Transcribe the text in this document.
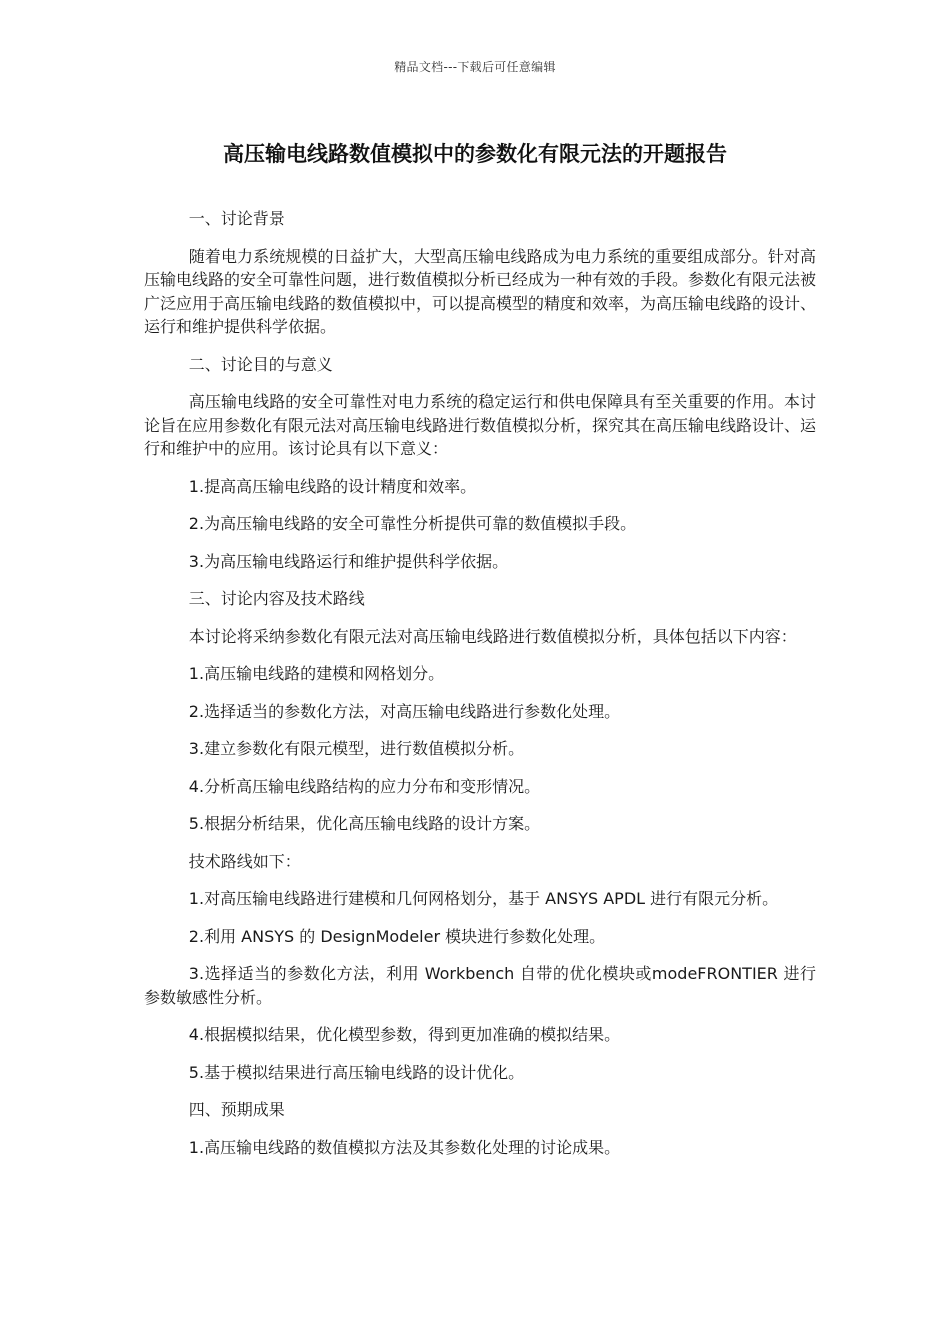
精品文档---下载后可任意编辑
高压输电线路数值模拟中的参数化有限元法的开题报告
一、讨论背景
随着电力系统规模的日益扩大，大型高压输电线路成为电力系统的重要组成部分。针对高压输电线路的安全可靠性问题，进行数值模拟分析已经成为一种有效的手段。参数化有限元法被广泛应用于高压输电线路的数值模拟中，可以提高模型的精度和效率，为高压输电线路的设计、运行和维护提供科学依据。
二、讨论目的与意义
高压输电线路的安全可靠性对电力系统的稳定运行和供电保障具有至关重要的作用。本讨论旨在应用参数化有限元法对高压输电线路进行数值模拟分析，探究其在高压输电线路设计、运行和维护中的应用。该讨论具有以下意义：
1.提高高压输电线路的设计精度和效率。
2.为高压输电线路的安全可靠性分析提供可靠的数值模拟手段。
3.为高压输电线路运行和维护提供科学依据。
三、讨论内容及技术路线
本讨论将采纳参数化有限元法对高压输电线路进行数值模拟分析，具体包括以下内容：
1.高压输电线路的建模和网格划分。
2.选择适当的参数化方法，对高压输电线路进行参数化处理。
3.建立参数化有限元模型，进行数值模拟分析。
4.分析高压输电线路结构的应力分布和变形情况。
5.根据分析结果，优化高压输电线路的设计方案。
技术路线如下：
1.对高压输电线路进行建模和几何网格划分，基于 ANSYS APDL 进行有限元分析。
2.利用 ANSYS 的 DesignModeler 模块进行参数化处理。
3.选择适当的参数化方法，利用 Workbench 自带的优化模块或modeFRONTIER 进行参数敏感性分析。
4.根据模拟结果，优化模型参数，得到更加准确的模拟结果。
5.基于模拟结果进行高压输电线路的设计优化。
四、预期成果
1.高压输电线路的数值模拟方法及其参数化处理的讨论成果。
